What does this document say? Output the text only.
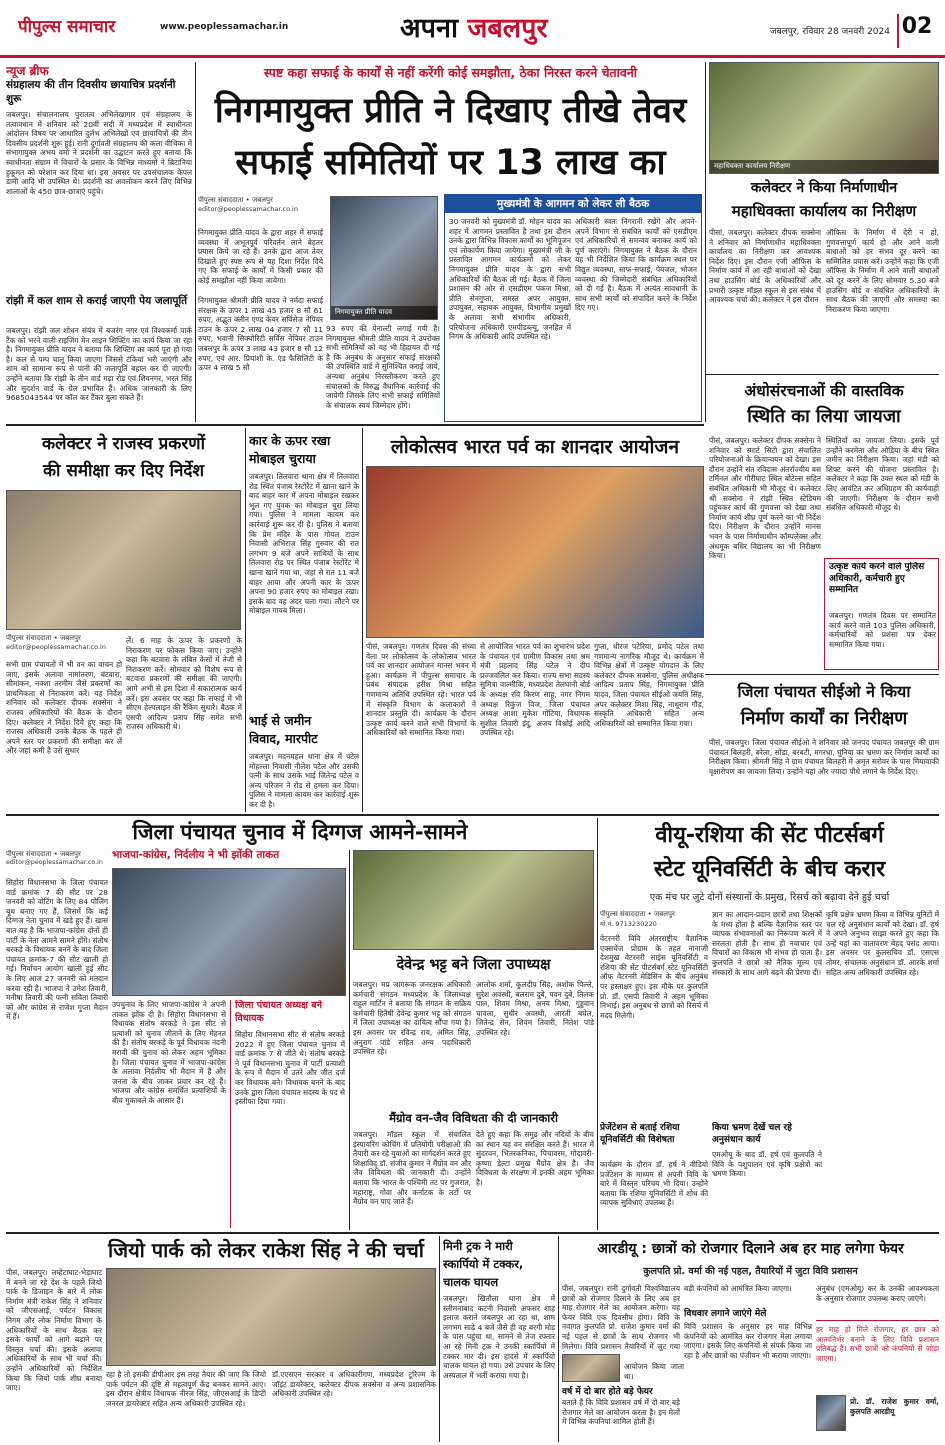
पीपुल्स समाचार	www.peoplessamachar.in	अपना जबलपुर	जबलपुर, रविवार 28 जनवरी 2024 02
न्यूज ब्रीफ
संग्रहालय की तीन दिवसीय छायाचित्र प्रदर्शनी शुरू
जबलपुर। संचालनालय पुरातत्व अभिलेखागार एवं संग्रहालय के तत्वावधान में शनिवार को 20वीं सदी में मध्यप्रदेश में स्वाधीनता आंदोलन विषय पर आधारित दुर्लभ अभिलेखों एवं छायाचित्रों की तीन दिवसीय प्रदर्शनी शुरू हुई। रानी दुर्गावती संग्रहालय की कला वीथिका में संभागायुक्त अभय वर्मा ने प्रदर्शनी का उद्घाटन करते हुए बताया कि स्वाधीनता संग्राम में विचारों के प्रसार के विभिन्न माध्यमों ने ब्रिटानिया हुकूमत को परेशान कर दिया था। इस अवसर पर उपसंचालक केपल डामी आदि भी उपस्थित थे। प्रदर्शनी का अवलोकन करने लिए विभिन्न शालाओं के 450 छात्र-छात्राएं पहुंचे।
रांझी में कल शाम से कराई जाएगी पेय जलापूर्ति
जबलपुर। रांझी जल शोधन संयंत्र में बजरंग नगर एवं विश्वकर्मा पार्क टैंक को भरने वाली राइजिंग मेन लाइन शिफ्टिंग का कार्य किया जा रहा है। निगमायुक्त प्रीति यादव ने बताया कि शिफ्टिंग का कार्य पूरा हो गया है। कल से पम्प चालू किया जाएगा जिससे टंकियां भरी जाएंगी और शाम को सामान्य रूप से पानी की जलापूर्ति बहाल कर दी जाएगी। उन्होंने बताया कि रांझी के तीन वार्ड गढ़ा रोड़ एवं शिवनगर, भरत सिंह और सुदर्शन वार्ड के ग्रेल प्रभावित हैं। अधिक जानकारी के लिए 9685043544 पर कॉल कर टैंकर बुला सकते हैं।
स्पष्ट कहा सफाई के कार्यों से नहीं करेंगी कोई समझौता, ठेका निरस्त करने चेतावनी
निगमायुक्त प्रीति ने दिखाए तीखे तेवर
सफाई समितियों पर 13 लाख का
पीपुल्स संवाददाता • जबलपुर
editor@peoplessamachar.co.in
निगमायुक्त प्रीति यादव के द्वारा शहर में सफाई व्यवस्था में अभूतपूर्व परिवर्तन लाने बेहतर प्रयास किये जा रहे हैं। उनके द्वारा आज तेवर दिखाते हुए स्पष्ट रूप से यह दिशा निर्देश दिये गए कि सफाई के कार्यों में किसी प्रकार की कोई समझौता नहीं किया जायेगा।
निगमायुक्त श्रीमती प्रीति यादव ने नर्मदा सफाई संरक्षक के ऊपर 1 लाख 45 हजार 8 सौ 61 रुपए, अद्भुत क्लीन एण्ड केयर सर्विसेज नेपियर टाउन के ऊपर 2 लाख 04 हजार 7 सौ 11 रुपए, भवानी सिक्योरिटी सर्विस नेपियर टाउन जबलपुर के ऊपर 3 लाख 43 हजार 8 सौ 12 रुपए, एवं आर. प्रियांशी के. एंड फैसिलिटी के ऊपर 4 लाख 5 सौ
निगमायुक्त प्रीति यादव
93 रुपए की पेनाल्टी लगाई गयी है। निगमायुक्त श्रीमती प्रीति यादव ने उपरोक्त सभी समितियों को यह भी हिदायत दी गई है कि अनुबंध के अनुसार सफाई संरक्षकों की उपस्थिति वार्ड में सुनिश्चित कराई जाये, अन्यथा अनुबंध निरस्तीकरण करते हुए संचालकों के विरुद्ध वैधानिक कार्रवाई की जायेगी जिसके लिए सभी सफाई समितियों के संचालक स्वयं जिम्मेदार होंगे।
मुख्यमंत्री के आगमन को लेकर ली बैठक
30 जनवरी को मुख्यमंत्री डॉ. मोहन यादव का शहर में आगमन प्रस्तावित है तथा इस दौरान उनके द्वारा विभिन्न विकास कार्यों का भूमिपूजन एवं लोकार्पण किया जायेगा। मुख्यमंत्री जी के प्रस्तावित आगमन कार्यक्रमों को लेकर निगमायुक्त प्रीति यादव के द्वारा सभी अधिकारियों की बैठक ली गई। बैठक में जिला प्रशासन की ओर से एसडीएम पंकज मिश्रा, प्रीति सेनगुप्ता, समस्त अपर आयुक्त, उपायुक्त, सहायक आयुक्त, विभागीय प्रमुखों के अलावा सभी संभागीय अधिकारी, परियोजना अधिकारी एमपीडब्ल्यू, जनहित में निगम के अधिकारी आदि उपस्थित रहे।
अधिकारी स्वतः निगरानी रखेंगे और अपने-अपने विभाग से संबंधित कार्यों को एसडीएम एवं अधिकारियों से समन्वय बनाकर कार्य को पूर्ण कराएंगे। निगमायुक्त ने बैठक के दौरान यह भी निर्देशित किया कि कार्यक्रम स्थल पर विद्युत व्यवस्था, साफ-सफाई, पेयजल, भोजन व्यवस्था की जिम्मेदारी संबंधित अधिकारियों को दी गई है। बैठक में अत्यंत सावधानी के साथ सभी कार्यों को संपादित करने के निर्देश दिए गए।
महाधिवक्ता कार्यालय निरीक्षण
कलेक्टर ने किया निर्माणाधीन
महाधिवक्ता कार्यालय का निरीक्षण
पीसां, जबलपुर। कलेक्टर दीपक सक्सेना ने शनिवार को निर्माणाधीन महाधिवक्ता कार्यालय का निरीक्षण कर आवश्यक निर्देश दिए। इस दौरान एजी ऑफिस के निर्माण कार्य में आ रही बाधाओं को देखा तथा हाउसिंग बोर्ड के अधिकारियों और प्रभारी उत्कृष्ट मॉडल स्कूल से इस संबंध में आवश्यक चर्चा की। कलेक्टर ने इस दौरान
ऑफिस के निर्माण में देरी न हो, गुणवत्तापूर्ण कार्य हो और आने वाली बाधाओं को हर संभव दूर करने का सम्मिलित प्रयास करें। उन्होंने कहा कि एजी ऑफिस के निर्माण में आने वाली बाधाओं को दूर करने के लिए सोमवार 5.30 बजे हाउसिंग बोर्ड व संबंधित अधिकारियों के साथ बैठक की जाएगी और समस्या का निराकरण किया जाएगा।
अंधोसंरचनाओं की वास्तविक
स्थिति का लिया जायजा
पीसं, जबलपुर। कलेक्टर दीपक सक्सेना ने शनिवार को स्मार्ट सिटी द्वारा संचालित परियोजनाओं के क्रियान्वयन को देखा। इस दौरान उन्होंने संत रविदास अंतर्राज्यीय बस टर्मिनल और गौरीघाट स्थित बोटेल्स सहित संबंधित अधिकारी भी मौजूद थे। कलेक्टर श्री सक्सेना ने रांझी स्थित स्टेडियम पहुंचकर कार्य की गुणवत्ता को देखा तथा निर्माण कार्य शीघ्र पूर्ण करने का भी निर्देश दिए। निरीक्षण के दौरान उन्होंने मानस भवन के पास निर्माणाधीन कॉम्पलेक्स और अंधमूक बधिर विद्यालय का भी निरीक्षण किया।
स्थितियों का जायजा लिया। इसके पूर्व उन्होंने करमेता और ओडिया के बीच स्थित जमीन का निरीक्षण किया। जहां मंडी को शिफ्ट करने की योजना प्रस्तावित है। कलेक्टर ने कहा कि उक्त स्थल को मंडी के लिए आवंटित कर अधिग्रहण की कार्यवाही की जाएगी। निरीक्षण के दौरान सभी संबंधित अधिकारी मौजूद थे।
उत्कृष्ट कार्य करने वाले पुलिस अधिकारी, कर्मचारी हुए सम्मानित
जबलपुर। गणतंत्र दिवस पर सम्मानित कार्य करने वाले 103 पुलिस अधिकारी, कर्मचारियों को प्रशंसा पत्र देकर सम्मानित किया गया।
कलेक्टर ने राजस्व प्रकरणों
की समीक्षा कर दिए निर्देश
पीपुल्स संवाददाता • जबलपुर
editor@peoplessamachar.co.in
सभी ग्राम पंचायतों में भी वन का वाचन हो जाए, इसके अलावा नामांतरण, बंटवारा, सीमांकन, नक्शा तरमीम जैसे प्रकरणों का प्राथमिकता से निराकरण करें। यह निर्देश शनिवार को कलेक्टर दीपक सक्सेना ने राजस्व अधिकारियों की बैठक के दौरान दिए। कलेक्टर ने निर्देश दिये हुए कहा कि राजस्व अधिकारी उनके बैठक के पहले ही अपने स्तर पर प्रकरणों की समीक्षा कर लें और जहां कमी है उसे सुधार
लें। 6 माह के ऊपर के प्रकरणों के निराकरण पर फोकस किया जाए। उन्होंने कहा कि बटवारा के लंबित केसों में तेजी से निराकरण करें। सोमवार को विशेष रूप से बटवारा प्रकरणों की समीक्षा की जाएगी। आगे अभी से इस दिशा में सकारात्मक कार्य करें। इस अवसर पर कहा कि सफाई में भी सीएम हेल्पलाइन की रैंकिंग सुधारें। बैठक में एसपी आदित्य प्रताप सिंह समेत सभी राजस्व अधिकारी थे।
कार के ऊपर रखा
मोबाइल चुराया
जबलपुर। तिलवारा थाना क्षेत्र में तिलवारा रोड स्थित पंजाब रेस्टोरेंट में खाना खाने के बाद बाहर कार में अपना मोबाइल रखकर भूल गए युवक का मोबाइल चुरा लिया गया। पुलिस ने मामला कायम कर कार्रवाई शुरू कर दी है। पुलिस ने बताया कि प्रेम मंदिर के पास गोयल टाउन निवासी अभिराज सिंह गुरुवार की रात लगभग 9 बजे अपने साथियों के साथ तिलवारा रोड पर स्थित पंजाब रेस्टोरेंट में खाना खाने गया था, जहां से रात 11 बजे बाहर आया और अपनी कार के ऊपर अपना 90 हजार रुपए का मोबाइल रखा। इसके बाद वह अंदर चला गया। लौटने पर मोबाइल गायब मिला।
भाई से जमीन
विवाद, मारपीट
जबलपुर। मदनमहल थाना क्षेत्र में पटेल मोहल्ला निवासी नीलेश पटेल और उसकी पत्नी के साथ उसके भाई जितेन्द्र पटेल व अन्य परिजन ने रोड से हमला कर दिया। पुलिस ने मामला कायम कर कार्रवाई शुरू कर दी है।
लोकोत्सव भारत पर्व का शानदार आयोजन
पीसं, जबलपुर। गणतंत्र दिवस की संध्या वेला पर लोकोत्सव के लोकोत्सव भारत पर्व का शानदार आयोजन मानस भवन में हुआ। कार्यक्रम में पीपुल्स समाचार के प्रबंध संपादक हरीश मिश्रा सहित गणमान्य अतिथि उपस्थित रहे। भारत पर्व में संस्कृति विभाग के कलाकारों ने शानदार प्रस्तुति दी। कार्यक्रम के दौरान उत्कृष्ट कार्य करने वाले सभी विभागों के अधिकारियों को सम्मानित किया गया।
से आयोजित भारत पर्व का शुभारंभ प्रदेश के पंचायत एवं ग्रामीण विकास तथा श्रम मंत्री प्रहलाद सिंह पटेल ने दीप प्रज्जवलित कर किया। राज्य सभा सदस्य सुमित्रा वाल्मीकि, मध्यप्रदेश तेलघानी बोर्ड के अध्यक्ष रवि किरण साहू, नगर निगम अध्यक्ष रिकुंज विज, जिला पंचायत अध्यक्ष आशा मुकेश गोंटिया, विधायक सुशील तिवारी इंदु, अजय विश्नोई आदि उपस्थित रहे।
गुप्ता, धीरज पटेरिया, प्रमोद पटेल तथा गणमान्य नागरिक मौजूद थे। कार्यक्रम में विभिन्न क्षेत्रों में उत्कृष्ट योगदान के लिए कलेक्टर दीपक सक्सेना, पुलिस अधीक्षक आदित्य प्रताप सिंह, निगमायुक्त प्रीति यादव, जिला पंचायत सीईओ जयति सिंह, अपर कलेक्टर मिशा सिंह, नाथूराम गौड़, संस्कृति अधिकारी सहित अन्य अधिकारियों को सम्मानित किया गया।
जिला पंचायत सीईओ ने किया
निर्माण कार्यों का निरीक्षण
पीसं, जबलपुर। जिला पंचायत सीईओ ने शनिवार को जनपद पंचायत जबलपुर की ग्राम पंचायत बिलहरी, बरेला, सोंडा, बरबटी, मगरधा, घुंनिया का भ्रमण कर निर्माण कार्यों का निरीक्षण किया। श्रीमती सिंह ने ग्राम पंचायत बिलहरी में अमृत सरोवर के पास मियावाकी वृक्षारोपण का जायजा लिया। उन्होंने यहां और ज्यादा पौधे लगाने के निर्देश दिए।
जिला पंचायत चुनाव में दिग्गज आमने-सामने
पीपुल्स संवाददाता • जबलपुर
editor@peoplessamachar.co.in
भाजपा-कांग्रेस, निर्दलीय ने भी झोंकी ताकत
सिहोरा विधानसभा के जिला पंचायत वार्ड क्रमांक 7 की सीट पर 28 जनवरी को वोटिंग के लिए 84 पोलिंग बूथ बनाए गए हैं, जिसमें कि कई दिग्गज नेता चुनाव में खड़े हुए हैं। खास बात यह है कि भाजपा-कांग्रेस दोनों ही पार्टी के नेता आमने सामने होंगे। संतोष बरकड़े के विधायक बनने के बाद जिला पंचायत क्रमांक-7 की सीट खाली हो गई। निर्वाचन आयोग खाली हुई सीट के लिए आज 27 जनवरी को मतदान करवा रही है। भाजपा ने उमेश तिवारी, मनीषा तिवारी की पत्नी सविता तिवारी को और कांग्रेस से राजेश गुप्ता मैदान में हैं।
उपचुनाव के लिए भाजपा-कांग्रेस ने अपनी ताकत झोंक दी है। सिहोरा विधानसभा से विधायक संतोष बरकड़े ने इस सीट से प्रत्याशी को चुनाव जीताने के लिए मेहनत की है। संतोष बरकड़े के पूर्व विधायक नंदनी मरावी की चुनाव को लेकर अहम भूमिका है। जिला पंचायत चुनाव में भाजपा-कांग्रेस के अलावा निर्दलीय भी मैदान में हैं और जनता के बीच जाकर प्रचार कर रहे हैं। भाजपा और कांग्रेस समर्थित प्रत्याशियों के बीच मुकाबले के आसार हैं।
जिला पंचायत अध्यक्ष बने विधायक
सिहोरा विधानसभा सीट से संतोष बरकड़े 2022 में हुए जिला पंचायत चुनाव में वार्ड क्रमांक 7 से जीते थे। संतोष बरकड़े ने पूर्व विधानसभा चुनाव में पार्टी प्रत्याशी के रूप में मैदान में उतरे और जीत दर्ज कर विधायक बने। विधायक बनने के बाद उनके द्वारा जिला पंचायत सदस्य के पद से इस्तीफा दिया गया।
देवेन्द्र भट्ट बने जिला उपाध्यक्ष
जबलपुर। मप्र जागरूक जनरक्षक अधिकारी कर्मचारी संगठन मध्यप्रदेश के जिलाध्यक्ष राहुल मार्टिन ने बताया कि संगठन के सक्रिय कर्मचारी हितैषी देवेन्द्र कुमार भट्ट को संगठन में जिला उपाध्यक्ष का दायित्व सौंपा गया है। इस अवसर पर रविन्द्र राय, अमित सिंह, अनुराग पांडे सहित अन्य पदाधिकारी उपस्थित रहे।
आलोक शर्मा, कुलदीप सिंह, अशोक पिल्ले, सुरेश अवस्थी, बलराम दुबे, पवन दुबे, तिलक पाल, शिवम मिश्रा, अनय मिश्रा, गुड्डवान चावला, सुधीर अवस्थी, आरती बघेल, जितेन्द्र सेन, शिवम तिवारी, नितेश पांडे उपस्थित रहे।
मैंग्रोव वन-जैव विविधता की दी जानकारी
जबलपुर। मॉडल स्कूल में संचालित इंस्पायरिंग कोचिंग में प्रतियोगी परीक्षाओं की तैयारी कर रहे युवाओं का मार्गदर्शन करते हुए शिक्षाविद् डॉ. संजीव कुमार ने मैंग्रोव वन और जैव विविधता की जानकारी दी। उन्होंने बताया कि भारत के पश्चिमी तट पर गुजरात, महाराष्ट्र, गोवा और कर्नाटक के तटों पर मैंग्रोव वन पाए जाते हैं।
देते हुए कहा कि समुद्र और नदियों के बीच का स्थान यह वन संरक्षित करते हैं। भारत में सुंदरवन, भितरकनिका, पिचावरम, गोदावरी-कृष्णा डेल्टा प्रमुख मैंग्रोव क्षेत्र हैं। जैव विविधता के संरक्षण में इनकी अहम भूमिका है।
वीयू-रशिया की सेंट पीटर्सबर्ग
स्टेट यूनिवर्सिटी के बीच करार
एक मंच पर जुटे दोनों संस्थानों के प्रमुख, रिसर्च को बढ़ावा देने हुई चर्चा
पीपुल्स संवाददाता • जबलपुर
मो.नं. 9713230220
वेटरनरी विवि अंतरराष्ट्रीय वैज्ञानिक एक्सचेंज प्रोग्राम के तहत नानाजी देशमुख वेटरनरी साइंस यूनिवर्सिटी व रशिया की सेंट पीटर्सबर्ग स्टेट यूनिवर्सिटी ऑफ वेटरनरी मेडिसिन के बीच अनुबंध पर हस्ताक्षर हुए। इस मौके पर कुलपति प्रो. डॉ. एसपी तिवारी ने अहम भूमिका निभाई। इस अनुबंध से छात्रों को रिसर्च में मदद मिलेगी।
प्रेजेंटेशन से बताई रशिया यूनिवर्सिटी की विशेषता
कार्यक्रम के दौरान डॉ. हर्ष ने वीडियो प्रजेंटेशन के माध्यम से अपनी विवि के बारे में विस्तृत परिचय भी दिया। उन्होंने बताया कि रशिया यूनिवर्सिटी में शोध की व्यापक सुविधाएं उपलब्ध हैं।
ज्ञान का आदान-प्रदान छात्रों तथा शिक्षकों के मध्य होता है बल्कि वैज्ञानिक स्तर पर व्यापक संभावनाओं का निरूपण करने में सरलता होती है। साथ ही नवाचार एवं विचारों का विकास भी संभव हो पाता है। कुलपति ने छात्रों को नैतिक मूल्य एवं संस्कारों के साथ आगे बढ़ने की प्रेरणा दी।
किया भ्रमण देखें चल रहे अनुसंधान कार्य
एमओयू के बाद डॉ. हर्ष एवं कुलपति ने विवि के पशुपालन एवं कृषि प्रक्षेत्रों का भ्रमण किया।
कृषि प्रक्षेत्र भ्रमण किया व विभिन्न यूनिटों में चल रहे अनुसंधान कार्यों को देखा। डॉ. हर्ष ने अपने अनुभव साझा करते हुए कहा कि उन्हें यहां का वातावरण बेहद पसंद आया। इस अवसर पर कुलसचिव डॉ. एसएस तोमर, संचालक अनुसंधान डॉ. आरके शर्मा सहित अन्य अधिकारी उपस्थित रहे।
जियो पार्क को लेकर राकेश सिंह ने की चर्चा
पीसं, जबलपुर। लम्हेटाघाट-भेड़ाघाट में बनने जा रहे देश के पहले जियो पार्क के डिजाइन के बारे में लोक निर्माण मंत्री राकेश सिंह ने शनिवार को जीएसआई, पर्यटन विकास निगम और लोक निर्माण विभाग के अधिकारियों के साथ बैठक कर इसके कार्यों को आगे बढ़ाने पर विस्तृत चर्चा की। इसके अलावा अधिकारियों के साथ भी चर्चा की। उन्होंने अधिकारियों को निर्देशित किया कि जियो पार्क शीघ्र बनाया जाए।
रहा है तो इसकी डीपीआर इस तरह तैयार की जाए कि जियो पार्क पर्यटन की दृष्टि से महत्वपूर्ण केंद्र बनकर सामने आए। इस दौरान क्षेत्रीय विधायक नीरज सिंह, जीएसआई के डिप्टी जनरल डायरेक्टर सहित अन्य अधिकारी उपस्थित रहे।
डॉ.एएसएन सरकार व अधिकारीगण, मध्यप्रदेश टूरिज्म के जॉइंट डायरेक्टर, कलेक्टर दीपक सक्सेना व अन्य प्रशासनिक अधिकारी उपस्थित रहे।
मिनी ट्रक ने मारी
स्कार्पियो में टक्कर,
चालक घायल
जबलपुर। खितौला थाना क्षेत्र में स्लीमनाबाद कटनी निवासी अफसर शाह इलाज कराने जबलपुर आ रहा था, शाम लगभग साढ़े 4 बजे जैसे ही वह बरगी मोड़ के पास पहुंचा था, सामने से तेज रफ्तार आ रहे मिनी ट्रक ने उनकी स्कार्पियो में टक्कर मार दी। इस हादसे में स्कार्पियो चालक घायल हो गया। उसे उपचार के लिए अस्पताल में भर्ती कराया गया है।
आरडीयू : छात्रों को रोजगार दिलाने अब हर माह लगेगा फेयर
कुलपति प्रो. वर्मा की नई पहल, तैयारियों में जुटा विवि प्रशासन
पीसं, जबलपुर। रानी दुर्गावती विश्वविद्यालय छात्रों को रोजगार दिलाने के लिए अब हर माह रोजगार मेले का आयोजन करेगा। यह फेयर विवि एक दिवसीय होगा। विवि के नवागत कुलपति प्रो. राजेश कुमार वर्मा की नई पहल से छात्रों के साथ रोजगार भी मिलेगा। विवि प्रशासन तैयारियों में जुट गया
आयोजन किया जाता था।
वर्ष में दो बार होते बड़े फेयर
बताते हैं कि विवि प्रशासन वर्ष में दो बार बड़े रोजगार मेले का आयोजन करता है। इन मेलों में विभिन्न कंपनियां शामिल होती हैं।
बड़ी कंपनियों को आमंत्रित किया जाएगा।
विधवार लगाने जाएंगे मेले
विवि प्रशासन के अनुसार हर माह विभिन्न कंपनियों को आमंत्रित कर रोजगार मेला लगाया जाएगा। इसके लिए कंपनियों से संपर्क किया जा रहा है और छात्रों का पंजीयन भी कराया जाएगा।
अनुबंध (एमओयू) कर के उनकी आवश्यकता के अनुसार रोजगार उपलब्ध कराए जाएंगे।
हर माह हो मिले रोजगार, हर छात्र को आत्मनिर्भर बनाने के लिए विवि प्रशासन प्रतिबद्ध है। सभी छात्रों को कंपनियों से जोड़ा जाएगा।
प्रो. डॉ. राजेश कुमार वर्मा, कुलपति आरडीयू
